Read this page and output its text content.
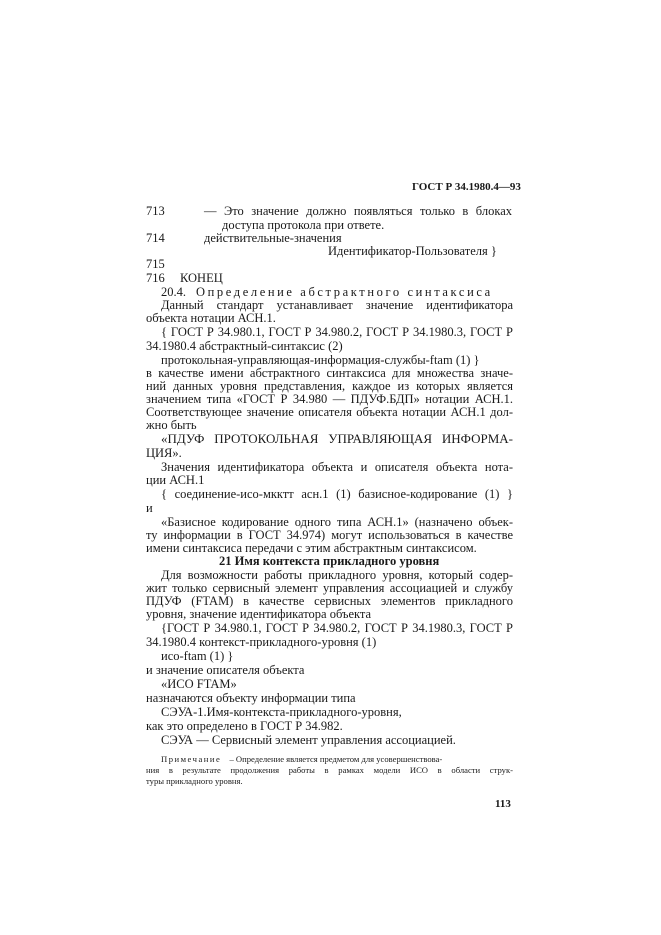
ГОСТ Р 34.1980.4—93
713	— Это значение должно появляться только в блоках
доступа протокола при ответе.
714	действительные-значения
Идентификатор-Пользователя }
715
716 КОНЕЦ
20.4. Определение абстрактного синтаксиса
Данный стандарт устанавливает значение идентификатора
объекта нотации АСН.1.
{ ГОСТ Р 34.980.1, ГОСТ Р 34.980.2, ГОСТ Р 34.1980.3, ГОСТ Р
34.1980.4 абстрактный-синтаксис (2)
протокольная-управляющая-информация-службы-ftam (1) }
в качестве имени абстрактного синтаксиса для множества значе-
ний данных уровня представления, каждое из которых является
значением типа «ГОСТ Р 34.980 — ПДУФ.БДП» нотации АСН.1.
Соответствующее значение описателя объекта нотации АСН.1 дол-
жно быть
«ПДУФ ПРОТОКОЛЬНАЯ УПРАВЛЯЮЩАЯ ИНФОРМА-
ЦИЯ».
Значения идентификатора объекта и описателя объекта нота-
ции АСН.1
{ соединение-исо-мкктт асн.1 (1) базисное-кодирование (1) }
и
«Базисное кодирование одного типа АСН.1» (назначено объек-
ту информации в ГОСТ 34.974) могут использоваться в качестве
имени синтаксиса передачи с этим абстрактным синтаксисом.
21 Имя контекста прикладного уровня
Для возможности работы прикладного уровня, который содер-
жит только сервисный элемент управления ассоциацией и службу
ПДУФ (FTAM) в качестве сервисных элементов прикладного
уровня, значение идентификатора объекта
{ГОСТ Р 34.980.1, ГОСТ Р 34.980.2, ГОСТ Р 34.1980.3, ГОСТ Р
34.1980.4 контекст-прикладного-уровня (1)
исо-ftam (1) }
и значение описателя объекта
«ИСО FTAM»
назначаются объекту информации типа
СЭУА-1.Имя-контекста-прикладного-уровня,
как это определено в ГОСТ Р 34.982.
СЭУА — Сервисный элемент управления ассоциацией.
Примечание – Определение является предметом для усовершенствова-
ния в результате продолжения работы в рамках модели ИСО в области струк-
туры прикладного уровня.
113
